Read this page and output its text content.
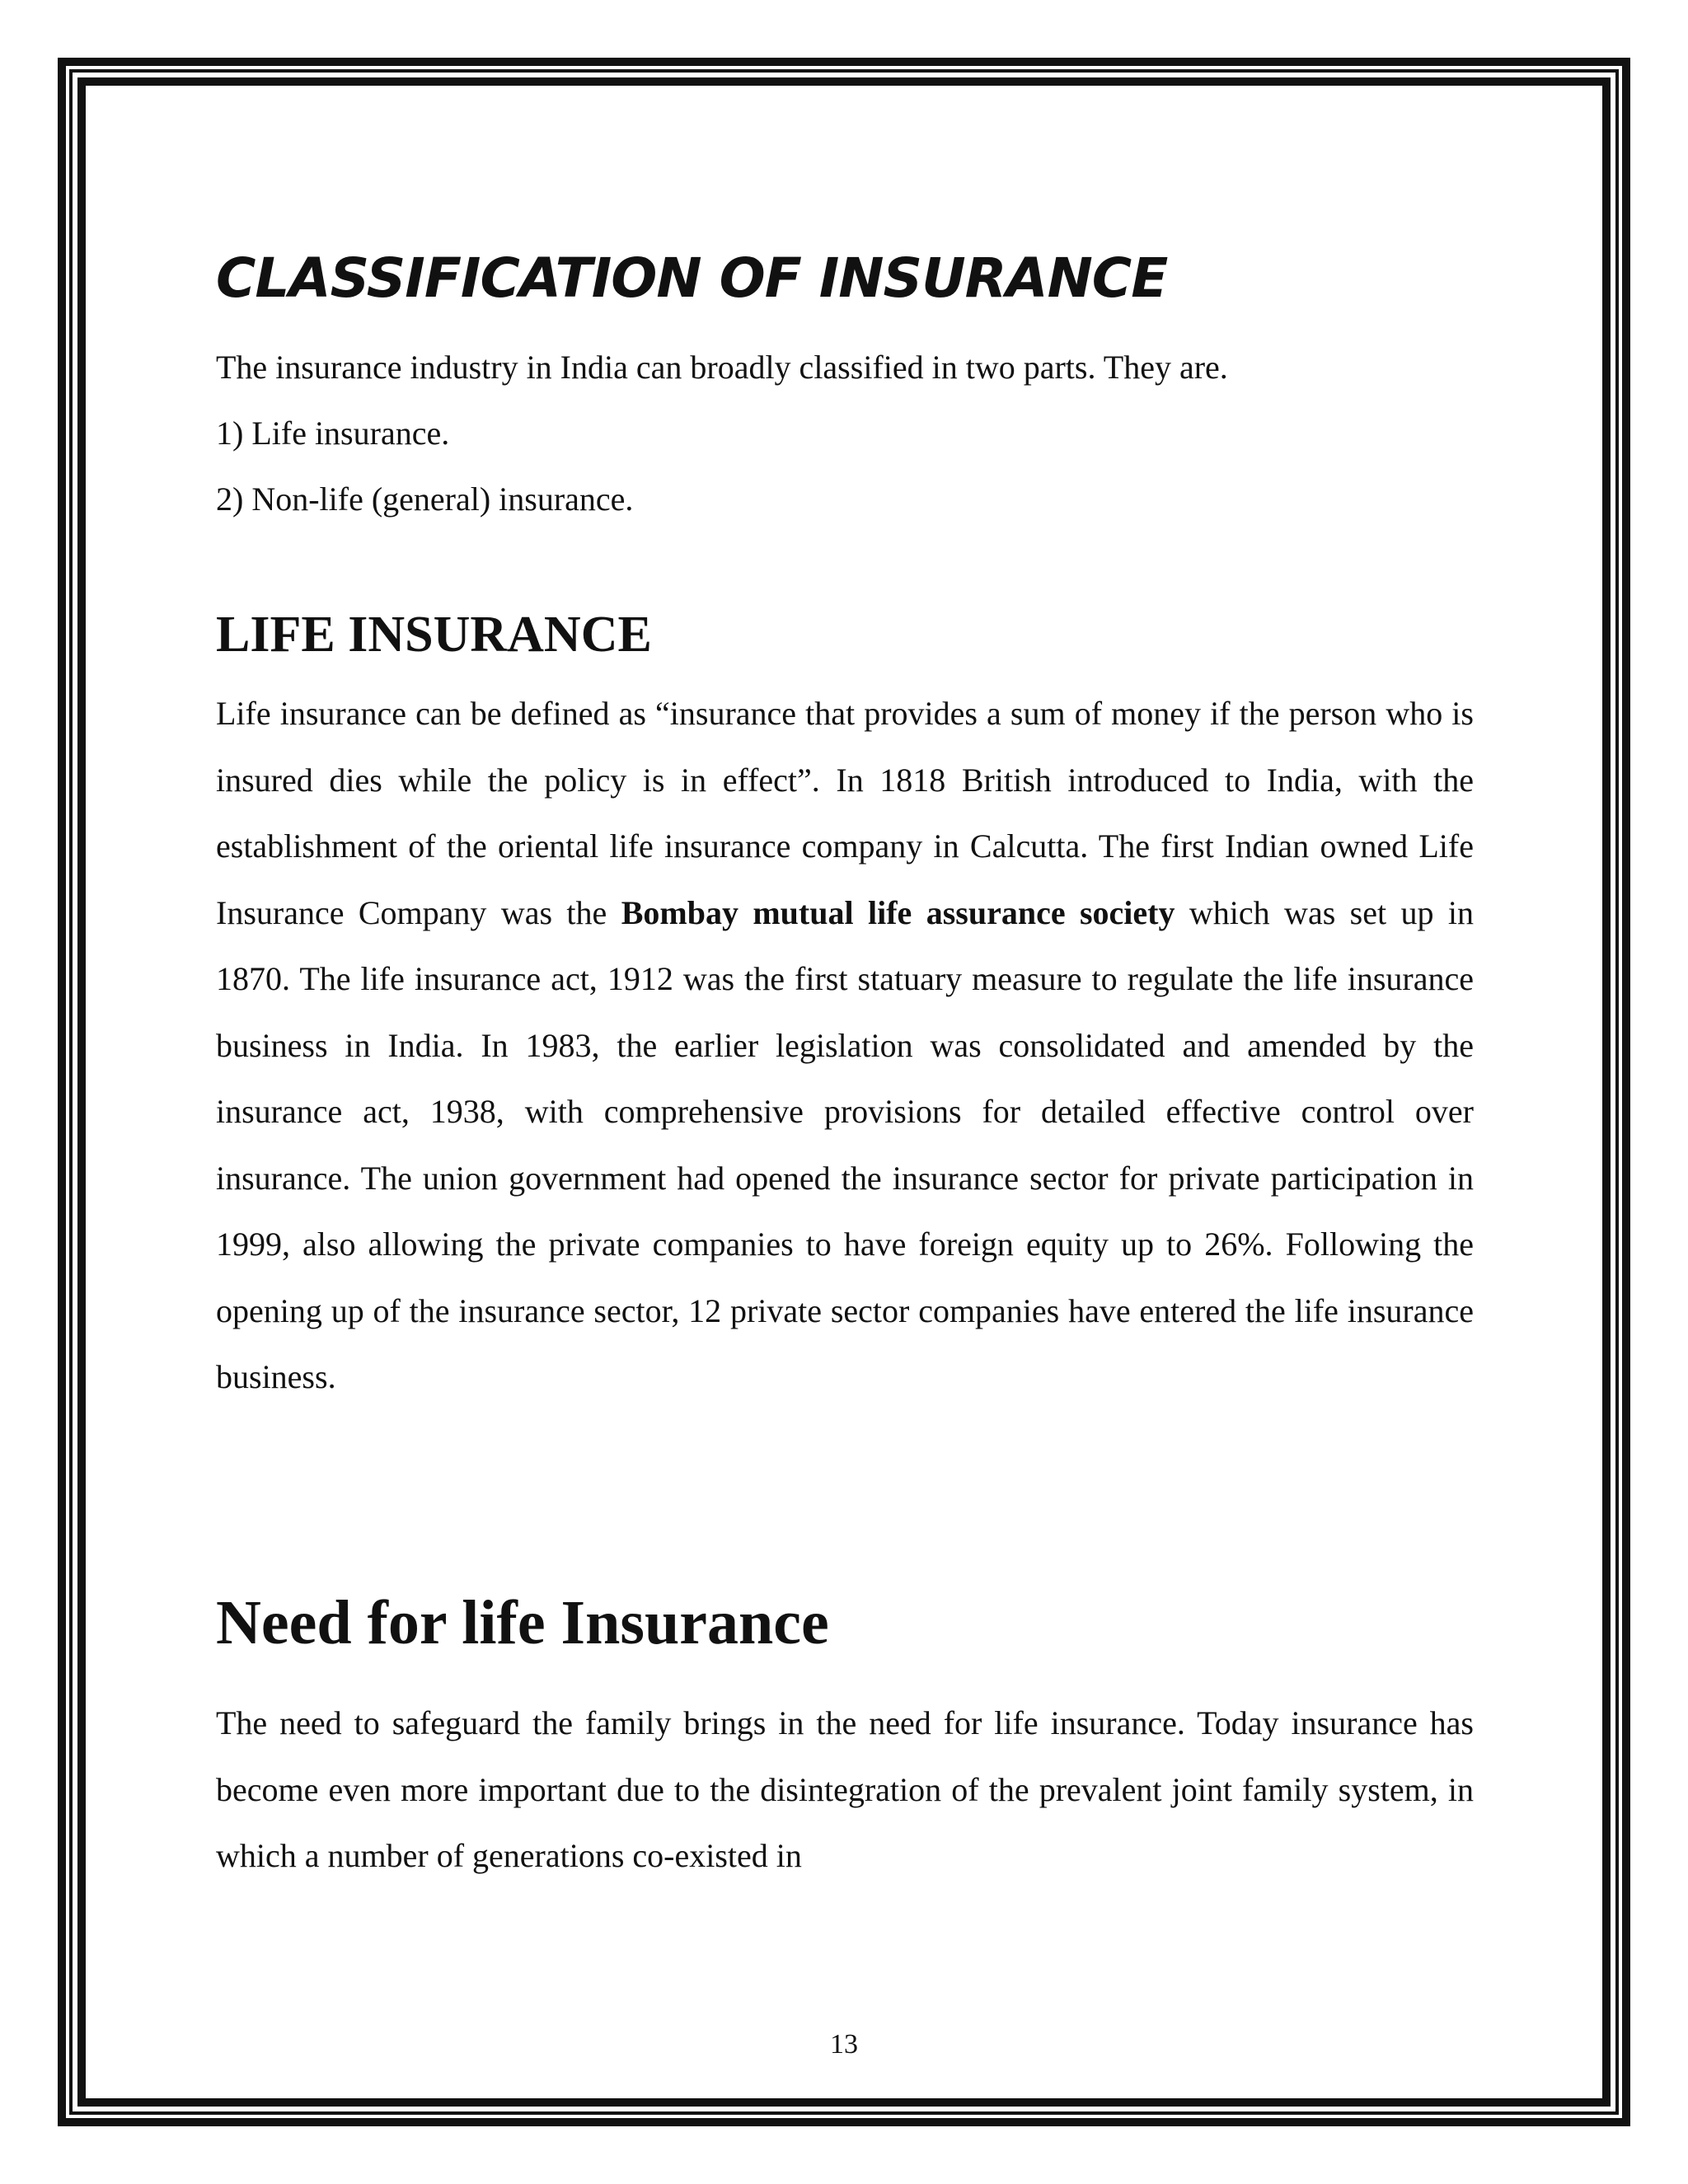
CLASSIFICATION OF INSURANCE

The insurance industry in India can broadly classified in two parts. They are.

1) Life insurance.

2) Non-life (general) insurance.

LIFE INSURANCE

Life insurance can be defined as “insurance that provides a sum of money if the person who is insured dies while the policy is in effect”. In 1818 British introduced to India, with the establishment of the oriental life insurance company in Calcutta. The first Indian owned Life Insurance Company was the Bombay mutual life assurance society which was set up in 1870. The life insurance act, 1912 was the first statuary measure to regulate the life insurance business in India. In 1983, the earlier legislation was consolidated and amended by the insurance act, 1938, with comprehensive provisions for detailed effective control over insurance. The union government had opened the insurance sector for private participation in 1999, also allowing the private companies to have foreign equity up to 26%. Following the opening up of the insurance sector, 12 private sector companies have entered the life insurance business.

Need for life Insurance

The need to safeguard the family brings in the need for life insurance. Today insurance has become even more important due to the disintegration of the prevalent joint family system, in which a number of generations co-existed in

13
